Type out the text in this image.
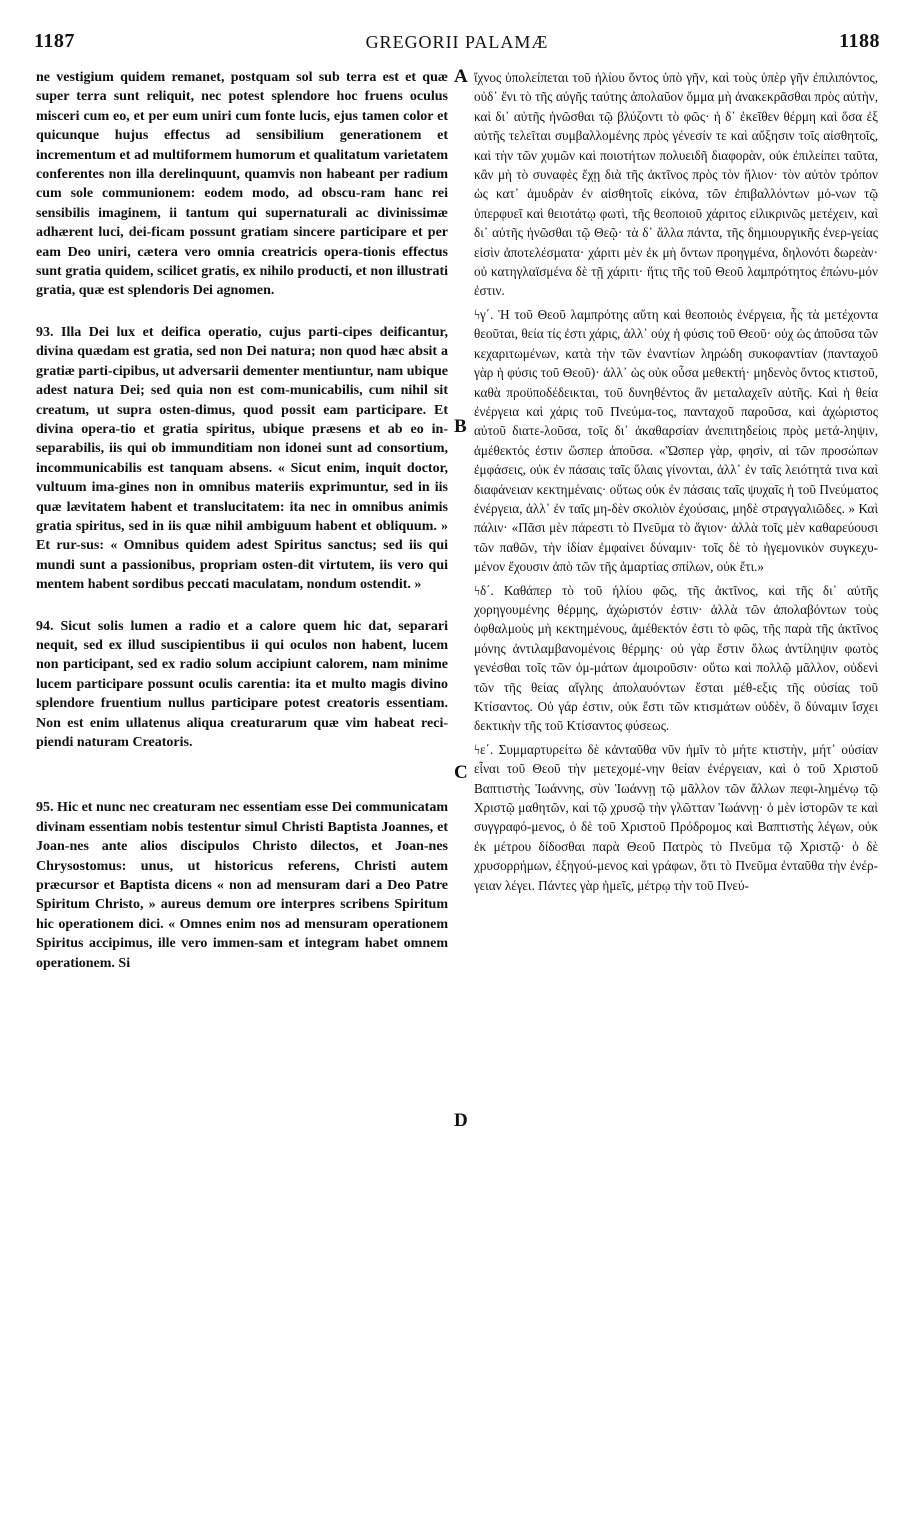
1187	GREGORII PALAMÆ	1188

ne vestigium quidem remanet, postquam sol sub terra est et quæ super terra sunt reliquit, nec potest splendore hoc fruens oculus misceri cum eo, et per eum uniri cum fonte lucis, ejus tamen color et quicunque hujus effectus ad sensibilium generationem et incrementum et ad multiformem humorum et qualitatum varietatem conferentes non illa derelinquunt, quamvis non habeant per radium cum sole communionem: eodem modo, ad obscu-ram hanc rei sensibilis imaginem, ii tantum qui supernaturali ac divinissimæ adhærent luci, dei-ficam possunt gratiam sincere participare et per eam Deo uniri, cætera vero omnia creatricis opera-tionis effectus sunt gratia quidem, scilicet gratis, ex nihilo producti, et non illustrati gratia, quæ est splendoris Dei agnomen.

93. Illa Dei lux et deifica operatio, cujus parti-cipes deificantur, divina quædam est gratia, sed non Dei natura; non quod hæc absit a gratiæ parti-cipibus, ut adversarii dementer mentiuntur, nam ubique adest natura Dei; sed quia non est com-municabilis, cum nihil sit creatum, ut supra osten-dimus, quod possit eam participare. Et divina opera-tio et gratia spiritus, ubique præsens et ab eo in-separabilis, iis qui ob immunditiam non idonei sunt ad consortium, incommunicabilis est tanquam absens. « Sicut enim, inquit doctor, vultuum ima-gines non in omnibus materiis exprimuntur, sed in iis quæ lævitatem habent et translucitatem: ita nec in omnibus animis gratia spiritus, sed in iis quæ nihil ambiguum habent et obliquum. » Et rur-sus: « Omnibus quidem adest Spiritus sanctus; sed iis qui mundi sunt a passionibus, propriam osten-dit virtutem, iis vero qui mentem habent sordibus peccati maculatam, nondum ostendit. »

94. Sicut solis lumen a radio et a calore quem hic dat, separari nequit, sed ex illud suscipientibus ii qui oculos non habent, lucem non participant, sed ex radio solum accipiunt calorem, nam minime lucem participare possunt oculis carentia: ita et multo magis divino splendore fruentium nullus participare potest creatoris essentiam. Non est enim ullatenus aliqua creaturarum quæ vim habeat reci-piendi naturam Creatoris.

95. Hic et nunc nec creaturam nec essentiam esse Dei communicatam divinam essentiam nobis testentur simul Christi Baptista Joannes, et Joan-nes ante alios discipulos Christo dilectos, et Joan-nes Chrysostomus: unus, ut historicus referens, Christi autem præcursor et Baptista dicens « non ad mensuram dari a Deo Patre Spiritum Christo, » aureus demum ore interpres scribens Spiritum hic operationem dici. « Omnes enim nos ad mensuram operationem Spiritus accipimus, ille vero immen-sam et integram habet omnem operationem. Si

A
B
C
D

ἴχνος ὑπολείπεται τοῦ ἡλίου ὄντος ὑπὸ γῆν, καὶ τοὺς ὑπὲρ γῆν ἐπιλιπόντος, οὐδ᾽ ἔνι τὸ τῆς αὐγῆς ταύτης ἀπολαῦον ὄμμα μὴ ἀνακεκρᾶσθαι πρὸς αὐτὴν, καὶ δι᾽ αὐτῆς ἡνῶσθαι τῷ βλύζοντι τὸ φῶς· ἡ δ᾽ ἐκεῖθεν θέρμη καὶ ὅσα ἐξ αὐτῆς τελεῖται συμβαλλομένης πρὸς γένεσίν τε καὶ αὔξησιν τοῖς αἰσθητοῖς, καὶ τὴν τῶν χυμῶν καὶ ποιοτήτων πολυειδῆ διαφορὰν, οὐκ ἐπιλείπει ταῦτα, κἂν μὴ τὸ συναφὲς ἔχῃ διὰ τῆς ἀκτῖνος πρὸς τὸν ἥλιον· τὸν αὐτὸν τρόπον ὡς κατ᾽ ἀμυδρὰν ἐν αἰσθητοῖς εἰκόνα, τῶν ἐπιβαλλόντων μό-νων τῷ ὑπερφυεῖ καὶ θειοτάτῳ φωτὶ, τῆς θεοποιοῦ χάριτος εἰλικρινῶς μετέχειν, καὶ δι᾽ αὐτῆς ἡνῶσθαι τῷ Θεῷ· τὰ δ᾽ ἄλλα πάντα, τῆς δημιουργικῆς ἐνερ-γείας εἰσὶν ἀποτελέσματα· χάριτι μὲν ἐκ μὴ ὄντων προηγμένα, δηλονότι δωρεὰν· οὐ κατηγλαϊσμένα δὲ τῇ χάριτι· ἥτις τῆς τοῦ Θεοῦ λαμπρότητος ἐπώνυ-μόν ἐστιν.

ϟγ΄. Ἡ τοῦ Θεοῦ λαμπρότης αὕτη καὶ θεοποιὸς ἐνέργεια, ἧς τὰ μετέχοντα θεοῦται, θεία τίς ἐστι χάρις, ἀλλ᾽ οὐχ ἡ φύσις τοῦ Θεοῦ· οὐχ ὡς ἀποῦσα τῶν κεχαριτωμένων, κατὰ τὴν τῶν ἐναντίων ληρώδη συκοφαντίαν (πανταχοῦ γὰρ ἡ φύσις τοῦ Θεοῦ)· ἀλλ᾽ ὡς οὐκ οὖσα μεθεκτή· μηδενὸς ὄντος κτιστοῦ, καθὰ προϋποδέδεικται, τοῦ δυνηθέντος ἂν μεταλαχεῖν αὐτῆς. Καὶ ἡ θεία ἐνέργεια καὶ χάρις τοῦ Πνεύμα-τος, πανταχοῦ παροῦσα, καὶ ἀχώριστος αὐτοῦ διατε-λοῦσα, τοῖς δι᾽ ἀκαθαρσίαν ἀνεπιτηδείοις πρὸς μετά-ληψιν, ἀμέθεκτός ἐστιν ὥσπερ ἀποῦσα. «Ὥσπερ γὰρ, φησὶν, αἱ τῶν προσώπων ἐμφάσεις, οὐκ ἐν πάσαις ταῖς ὕλαις γίνονται, ἀλλ᾽ ἐν ταῖς λειότητά τινα καὶ διαφάνειαν κεκτημέναις· οὕτως οὐκ ἐν πάσαις ταῖς ψυχαῖς ἡ τοῦ Πνεύματος ἐνέργεια, ἀλλ᾽ ἐν ταῖς μη-δὲν σκολιὸν ἐχούσαις, μηδὲ στραγγαλιῶδες. » Καὶ πάλιν· «Πᾶσι μὲν πάρεστι τὸ Πνεῦμα τὸ ἅγιον· ἀλλὰ τοῖς μὲν καθαρεύουσι τῶν παθῶν, τὴν ἰδίαν ἐμφαίνει δύναμιν· τοῖς δὲ τὸ ἡγεμονικὸν συγκεχυ-μένον ἔχουσιν ἀπὸ τῶν τῆς ἁμαρτίας σπίλων, οὐκ ἔτι.»

ϟδ΄. Καθάπερ τὸ τοῦ ἡλίου φῶς, τῆς ἀκτῖνος, καὶ τῆς δι᾽ αὐτῆς χορηγουμένης θέρμης, ἀχώριστόν ἐστιν· ἀλλὰ τῶν ἀπολαβόντων τοὺς ὀφθαλμοὺς μὴ κεκτημένους, ἀμέθεκτόν ἐστι τὸ φῶς, τῆς παρὰ τῆς ἀκτῖνος μόνης ἀντιλαμβανομένοις θέρμης· οὐ γὰρ ἔστιν ὅλως ἀντίληψιν φωτὸς γενέσθαι τοῖς τῶν ὀμ-μάτων ἀμοιροῦσιν· οὕτω καὶ πολλῷ μᾶλλον, οὐδενὶ τῶν τῆς θείας αἴγλης ἀπολαυόντων ἔσται μέθ-εξις τῆς οὐσίας τοῦ Κτίσαντος. Οὐ γάρ ἐστιν, οὐκ ἔστι τῶν κτισμάτων οὐδὲν, ὃ δύναμιν ἴσχει δεκτικὴν τῆς τοῦ Κτίσαντος φύσεως.

ϟε΄. Συμμαρτυρείτω δὲ κἀνταῦθα νῦν ἡμῖν τὸ μήτε κτιστὴν, μήτ᾽ οὐσίαν εἶναι τοῦ Θεοῦ τὴν μετεχομέ-νην θείαν ἐνέργειαν, καὶ ὁ τοῦ Χριστοῦ Βαπτιστὴς Ἰωάννης, σὺν Ἰωάννῃ τῷ μᾶλλον τῶν ἄλλων πεφι-λημένῳ τῷ Χριστῷ μαθητῶν, καὶ τῷ χρυσῷ τὴν γλῶτταν Ἰωάννῃ· ὁ μὲν ἱστορῶν τε καὶ συγγραφό-μενος, ὁ δὲ τοῦ Χριστοῦ Πρόδρομος καὶ Βαπτιστὴς λέγων, οὐκ ἐκ μέτρου δίδοσθαι παρὰ Θεοῦ Πατρὸς τὸ Πνεῦμα τῷ Χριστῷ· ὁ δὲ χρυσορρήμων, ἐξηγού-μενος καὶ γράφων, ὅτι τὸ Πνεῦμα ἐνταῦθα τὴν ἐνέρ-γειαν λέγει. Πάντες γὰρ ἡμεῖς, μέτρῳ τὴν τοῦ Πνεύ-
